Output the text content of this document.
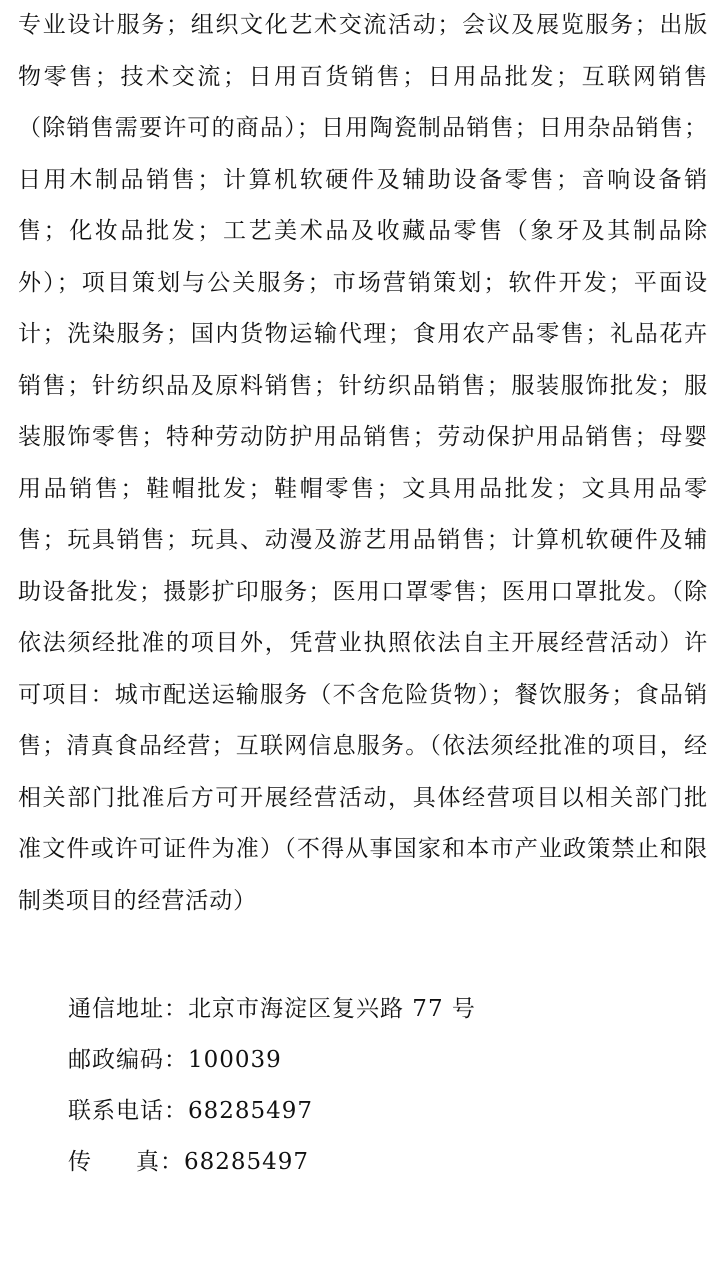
专业设计服务；组织文化艺术交流活动；会议及展览服务；出版物零售；技术交流；日用百货销售；日用品批发；互联网销售（除销售需要许可的商品）；日用陶瓷制品销售；日用杂品销售；日用木制品销售；计算机软硬件及辅助设备零售；音响设备销售；化妆品批发；工艺美术品及收藏品零售（象牙及其制品除外）；项目策划与公关服务；市场营销策划；软件开发；平面设计；洗染服务；国内货物运输代理；食用农产品零售；礼品花卉销售；针纺织品及原料销售；针纺织品销售；服装服饰批发；服装服饰零售；特种劳动防护用品销售；劳动保护用品销售；母婴用品销售；鞋帽批发；鞋帽零售；文具用品批发；文具用品零售；玩具销售；玩具、动漫及游艺用品销售；计算机软硬件及辅助设备批发；摄影扩印服务；医用口罩零售；医用口罩批发。（除依法须经批准的项目外，凭营业执照依法自主开展经营活动）许可项目：城市配送运输服务（不含危险货物）；餐饮服务；食品销售；清真食品经营；互联网信息服务。（依法须经批准的项目，经相关部门批准后方可开展经营活动，具体经营项目以相关部门批准文件或许可证件为准）（不得从事国家和本市产业政策禁止和限制类项目的经营活动）

通信地址：北京市海淀区复兴路 77 号
邮政编码：100039
联系电话：68285497
传真：68285497
